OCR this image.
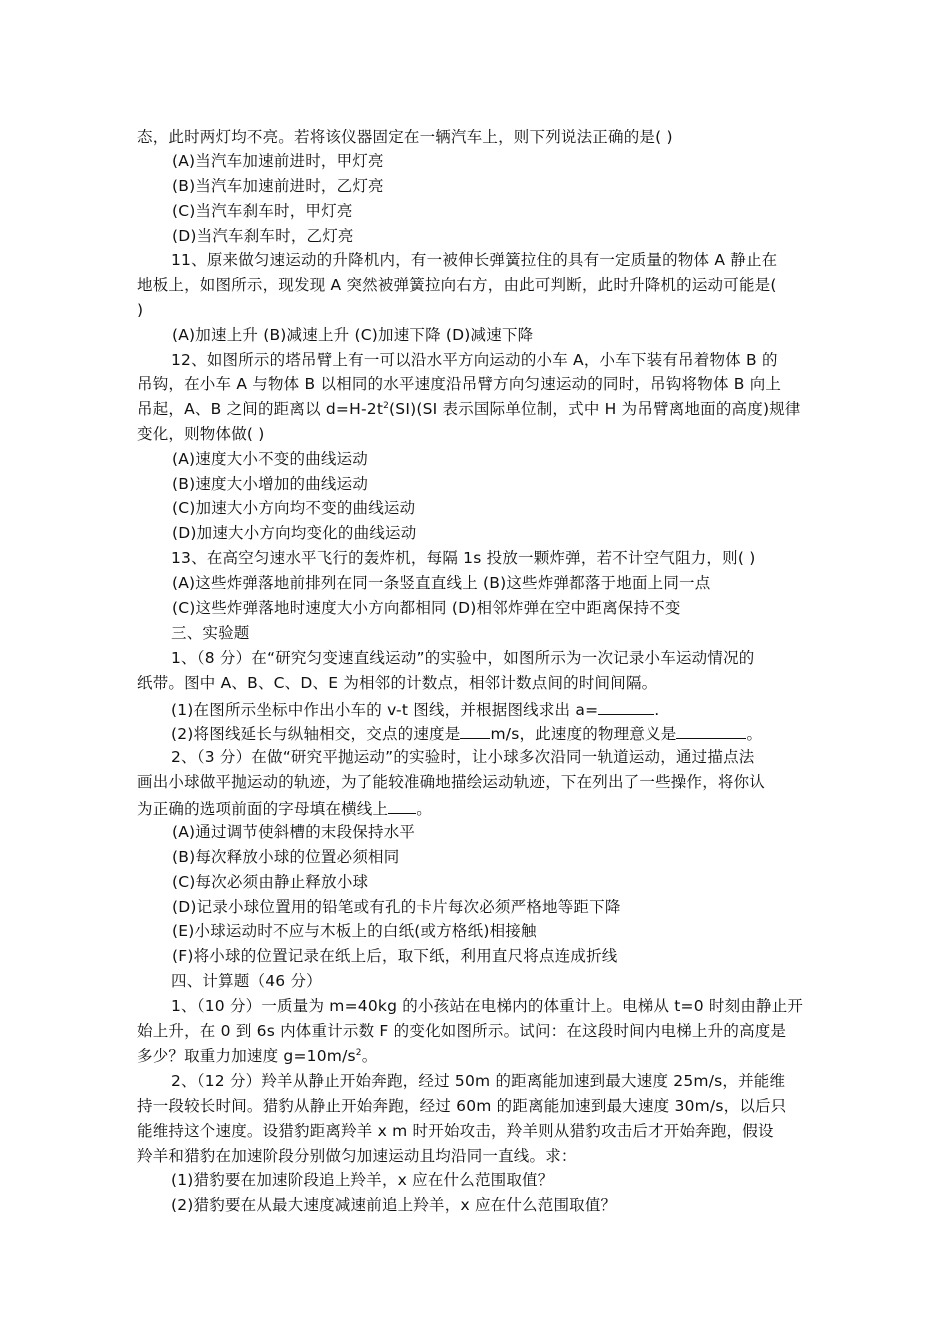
态，此时两灯均不亮。若将该仪器固定在一辆汽车上，则下列说法正确的是( )
(A)当汽车加速前进时，甲灯亮
(B)当汽车加速前进时，乙灯亮
(C)当汽车刹车时，甲灯亮
(D)当汽车刹车时，乙灯亮
11、原来做匀速运动的升降机内，有一被伸长弹簧拉住的具有一定质量的物体 A 静止在
地板上，如图所示，现发现 A 突然被弹簧拉向右方，由此可判断，此时升降机的运动可能是(
)
(A)加速上升 (B)减速上升 (C)加速下降 (D)减速下降
12、如图所示的塔吊臂上有一可以沿水平方向运动的小车 A，小车下装有吊着物体 B 的
吊钩，在小车 A 与物体 B 以相同的水平速度沿吊臂方向匀速运动的同时，吊钩将物体 B 向上
吊起，A、B 之间的距离以 $d=H-2t^2(SI)(SI$ 表示国际单位制，式中 H 为吊臂离地面的高度)规律
变化，则物体做( )
(A)速度大小不变的曲线运动
(B)速度大小增加的曲线运动
(C)加速大小方向均不变的曲线运动
(D)加速大小方向均变化的曲线运动
13、在高空匀速水平飞行的轰炸机，每隔 1s 投放一颗炸弹，若不计空气阻力，则( )
(A)这些炸弹落地前排列在同一条竖直直线上 (B)这些炸弹都落于地面上同一点
(C)这些炸弹落地时速度大小方向都相同 (D)相邻炸弹在空中距离保持不变
三、实验题
1、（8 分）在“研究匀变速直线运动”的实验中，如图所示为一次记录小车运动情况的
纸带。图中 A、B、C、D、E 为相邻的计数点，相邻计数点间的时间间隔。
(1)在图所示坐标中作出小车的 v-t 图线，并根据图线求出 a=	.
(2)将图线延长与纵轴相交，交点的速度是 m/s，此速度的物理意义是	。
2、（3 分）在做“研究平抛运动”的实验时，让小球多次沿同一轨道运动，通过描点法
画出小球做平抛运动的轨迹，为了能较准确地描绘运动轨迹，下在列出了一些操作，将你认
为正确的选项前面的字母填在横线上 。
(A)通过调节使斜槽的末段保持水平
(B)每次释放小球的位置必须相同
(C)每次必须由静止释放小球
(D)记录小球位置用的铅笔或有孔的卡片每次必须严格地等距下降
(E)小球运动时不应与木板上的白纸(或方格纸)相接触
(F)将小球的位置记录在纸上后，取下纸，利用直尺将点连成折线
四、计算题（46 分）
1、（10 分）一质量为 m=40kg 的小孩站在电梯内的体重计上。电梯从 t=0 时刻由静止开
始上升，在 0 到 6s 内体重计示数 F 的变化如图所示。试问：在这段时间内电梯上升的高度是
多少？取重力加速度 $g=10m/s^2$。
2、（12 分）羚羊从静止开始奔跑，经过 50m 的距离能加速到最大速度 25m/s，并能维
持一段较长时间。猎豹从静止开始奔跑，经过 60m 的距离能加速到最大速度 30m/s，以后只
能维持这个速度。设猎豹距离羚羊 x m 时开始攻击，羚羊则从猎豹攻击后才开始奔跑，假设
羚羊和猎豹在加速阶段分别做匀加速运动且均沿同一直线。求：
(1)猎豹要在加速阶段追上羚羊，x 应在什么范围取值？
(2)猎豹要在从最大速度减速前追上羚羊，x 应在什么范围取值？
